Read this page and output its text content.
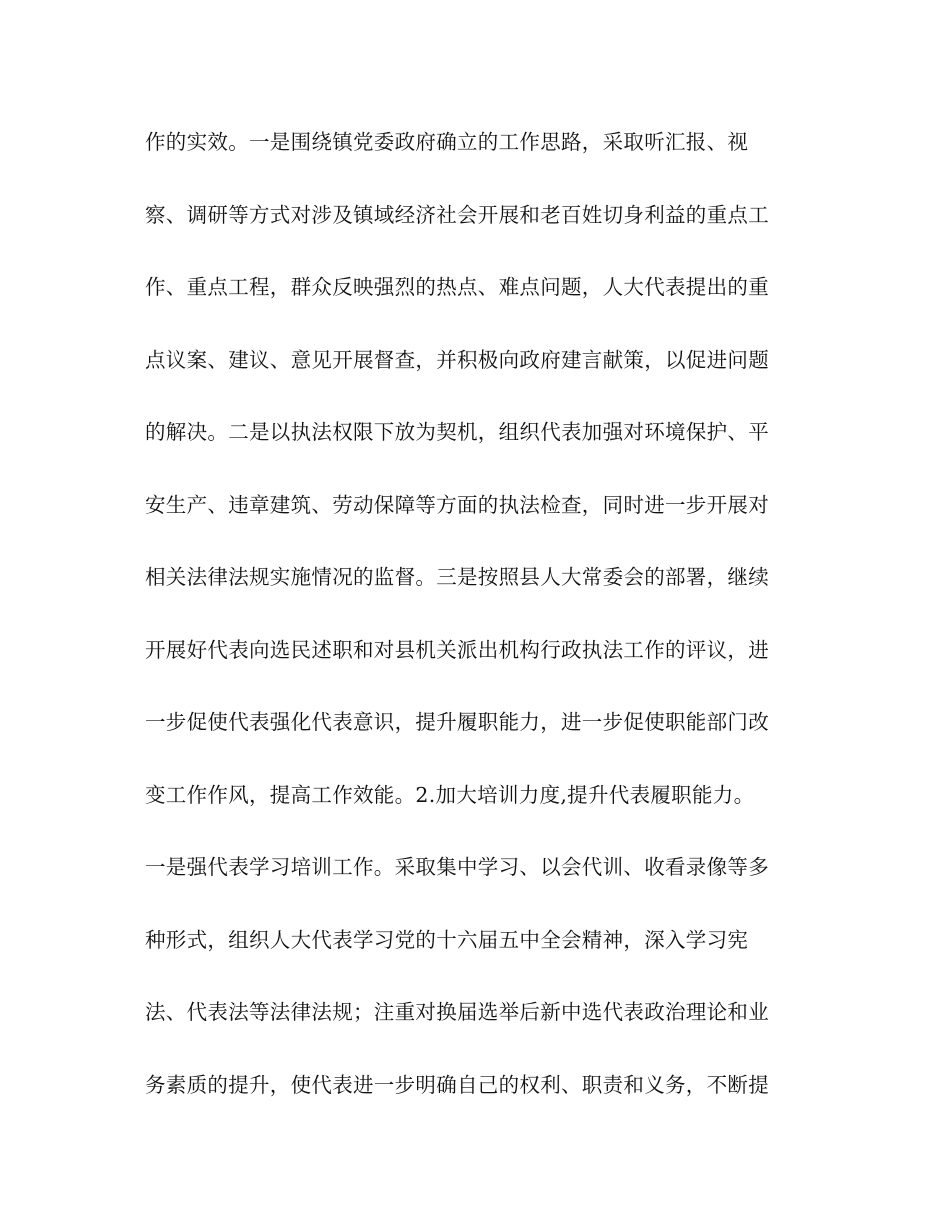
作的实效。一是围绕镇党委政府确立的工作思路，采取听汇报、视
察、调研等方式对涉及镇域经济社会开展和老百姓切身利益的重点工
作、重点工程，群众反映强烈的热点、难点问题，人大代表提出的重
点议案、建议、意见开展督查，并积极向政府建言献策，以促进问题
的解决。二是以执法权限下放为契机，组织代表加强对环境保护、平
安生产、违章建筑、劳动保障等方面的执法检查，同时进一步开展对
相关法律法规实施情况的监督。三是按照县人大常委会的部署，继续
开展好代表向选民述职和对县机关派出机构行政执法工作的评议，进
一步促使代表强化代表意识，提升履职能力，进一步促使职能部门改
变工作作风，提高工作效能。2.加大培训力度,提升代表履职能力。
一是强代表学习培训工作。采取集中学习、以会代训、收看录像等多
种形式，组织人大代表学习党的十六届五中全会精神，深入学习宪
法、代表法等法律法规；注重对换届选举后新中选代表政治理论和业
务素质的提升，使代表进一步明确自己的权利、职责和义务，不断提
